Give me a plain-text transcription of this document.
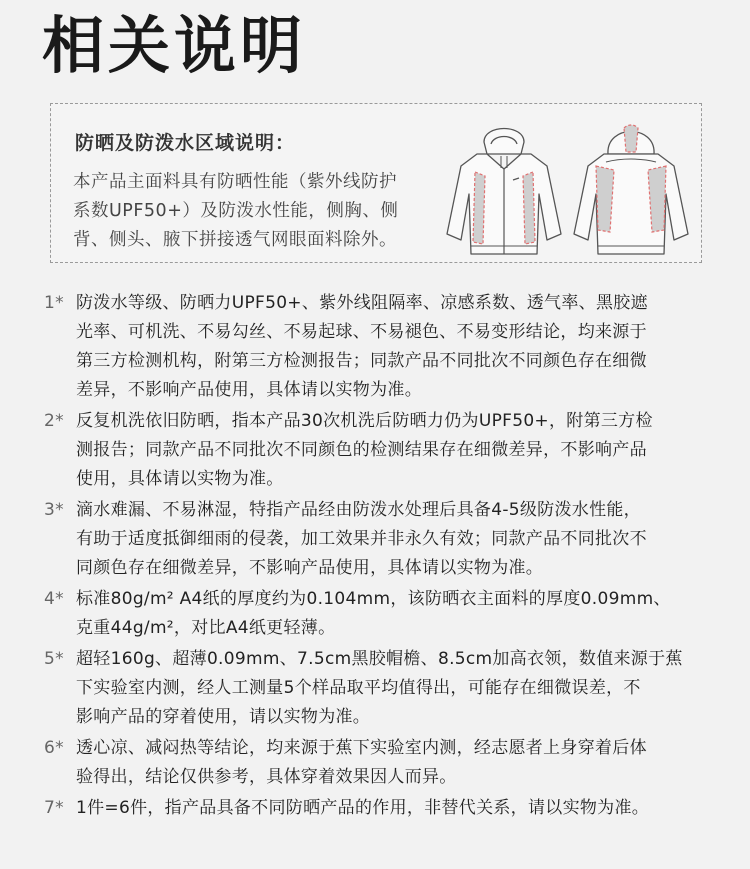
相关说明
防晒及防泼水区域说明：
本产品主面料具有防晒性能（紫外线防护
系数UPF50+）及防泼水性能，侧胸、侧
背、侧头、腋下拼接透气网眼面料除外。
1* 防泼水等级、防晒力UPF50+、紫外线阻隔率、凉感系数、透气率、黑胶遮
光率、可机洗、不易勾丝、不易起球、不易褪色、不易变形结论，均来源于
第三方检测机构，附第三方检测报告；同款产品不同批次不同颜色存在细微
差异，不影响产品使用，具体请以实物为准。
2* 反复机洗依旧防晒，指本产品30次机洗后防晒力仍为UPF50+，附第三方检
测报告；同款产品不同批次不同颜色的检测结果存在细微差异，不影响产品
使用，具体请以实物为准。
3* 滴水难漏、不易淋湿，特指产品经由防泼水处理后具备4-5级防泼水性能，
有助于适度抵御细雨的侵袭，加工效果并非永久有效；同款产品不同批次不
同颜色存在细微差异，不影响产品使用，具体请以实物为准。
4* 标准80g/m² A4纸的厚度约为0.104mm，该防晒衣主面料的厚度0.09mm、
克重44g/m²，对比A4纸更轻薄。
5* 超轻160g、超薄0.09mm、7.5cm黑胶帽檐、8.5cm加高衣领，数值来源于蕉
下实验室内测，经人工测量5个样品取平均值得出，可能存在细微误差，不
影响产品的穿着使用，请以实物为准。
6* 透心凉、减闷热等结论，均来源于蕉下实验室内测，经志愿者上身穿着后体
验得出，结论仅供参考，具体穿着效果因人而异。
7* 1件=6件，指产品具备不同防晒产品的作用，非替代关系，请以实物为准。
